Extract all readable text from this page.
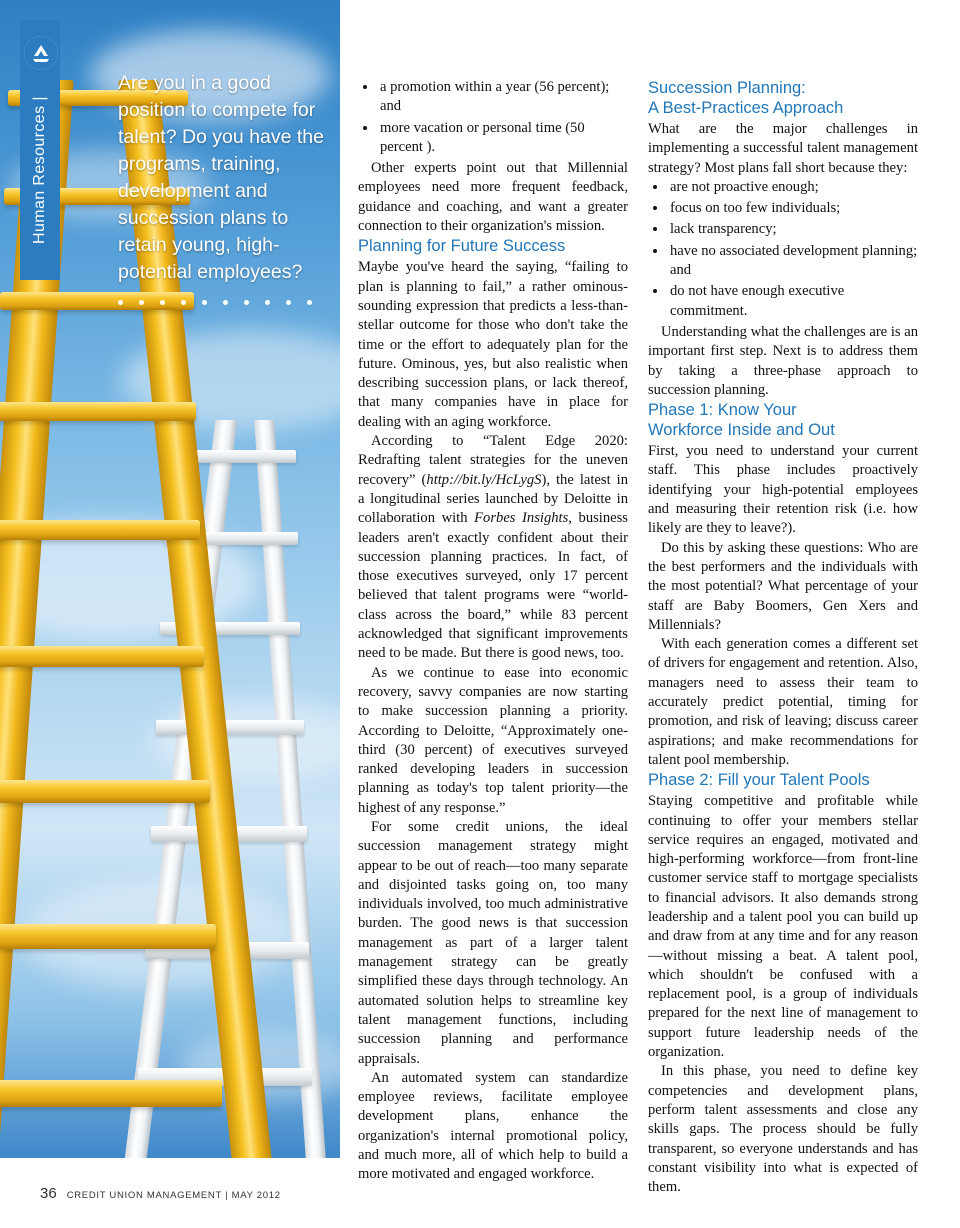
Human Resources |
Are you in a good position to compete for talent? Do you have the programs, training, development and succession plans to retain young, high-potential employees?
• a promotion within a year (56 percent); and
• more vacation or personal time (50 percent ).

Other experts point out that Millennial employees need more frequent feedback, guidance and coaching, and want a greater connection to their organization's mission.

Planning for Future Success

Maybe you've heard the saying, “failing to plan is planning to fail,” a rather ominous-sounding expression that predicts a less-than-stellar outcome for those who don't take the time or the effort to adequately plan for the future. Ominous, yes, but also realistic when describing succession plans, or lack thereof, that many companies have in place for dealing with an aging workforce.

According to “Talent Edge 2020: Redrafting talent strategies for the uneven recovery” (http://bit.ly/HcLygS), the latest in a longitudinal series launched by Deloitte in collaboration with Forbes Insights, business leaders aren't exactly confident about their succession planning practices. In fact, of those executives surveyed, only 17 percent believed that talent programs were “world-class across the board,” while 83 percent acknowledged that significant improvements need to be made. But there is good news, too.

As we continue to ease into economic recovery, savvy companies are now starting to make succession planning a priority. According to Deloitte, “Approximately one-third (30 percent) of executives surveyed ranked developing leaders in succession planning as today's top talent priority—the highest of any response.”

For some credit unions, the ideal succession management strategy might appear to be out of reach—too many separate and disjointed tasks going on, too many individuals involved, too much administrative burden. The good news is that succession management as part of a larger talent management strategy can be greatly simplified these days through technology. An automated solution helps to streamline key talent management functions, including succession planning and performance appraisals.

An automated system can standardize employee reviews, facilitate employee development plans, enhance the organization's internal promotional policy, and much more, all of which help to build a more motivated and engaged workforce.

Succession Planning:
A Best-Practices Approach

What are the major challenges in implementing a successful talent management strategy? Most plans fall short because they:

• are not proactive enough;
• focus on too few individuals;
• lack transparency;
• have no associated development planning; and
• do not have enough executive commitment.

Understanding what the challenges are is an important first step. Next is to address them by taking a three-phase approach to succession planning.

Phase 1: Know Your
Workforce Inside and Out

First, you need to understand your current staff. This phase includes proactively identifying your high-potential employees and measuring their retention risk (i.e. how likely are they to leave?).

Do this by asking these questions: Who are the best performers and the individuals with the most potential? What percentage of your staff are Baby Boomers, Gen Xers and Millennials?

With each generation comes a different set of drivers for engagement and retention. Also, managers need to assess their team to accurately predict potential, timing for promotion, and risk of leaving; discuss career aspirations; and make recommendations for talent pool membership.

Phase 2: Fill your Talent Pools

Staying competitive and profitable while continuing to offer your members stellar service requires an engaged, motivated and high-performing workforce—from front-line customer service staff to mortgage specialists to financial advisors. It also demands strong leadership and a talent pool you can build up and draw from at any time and for any reason—without missing a beat. A talent pool, which shouldn't be confused with a replacement pool, is a group of individuals prepared for the next line of management to support future leadership needs of the organization.

In this phase, you need to define key competencies and development plans, perform talent assessments and close any skills gaps. The process should be fully transparent, so everyone understands and has constant visibility into what is expected of them.

36 CREDIT UNION MANAGEMENT | MAY 2012
